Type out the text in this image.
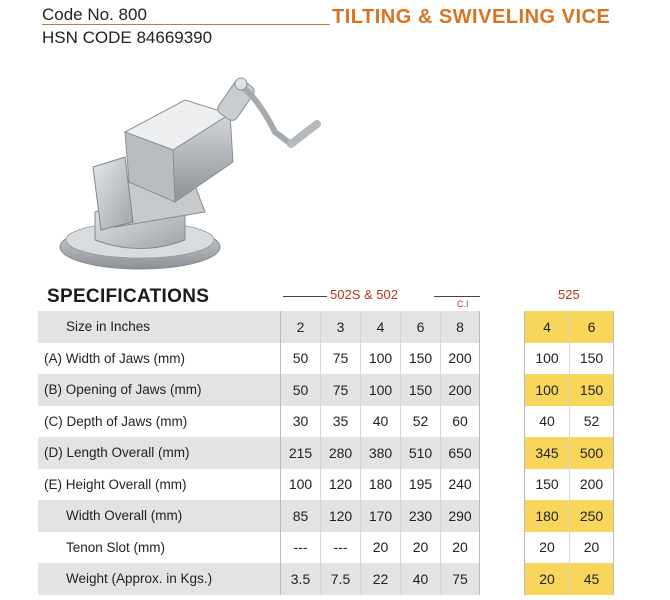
Code No. 800
HSN CODE 84669390
TILTING & SWIVELING VICE
SPECIFICATIONS	502S & 502
C.I
525
Size in Inches	2	3	4	6	8		4	6
(A) Width of Jaws (mm)	50	75	100	150	200		100	150
(B) Opening of Jaws (mm)	50	75	100	150	200		100	150
(C) Depth of Jaws (mm)	30	35	40	52	60		40	52
(D) Length Overall (mm)	215	280	380	510	650		345	500
(E) Height Overall (mm)	100	120	180	195	240		150	200
Width Overall (mm)	85	120	170	230	290		180	250
Tenon Slot (mm)	---	---	20	20	20		20	20
Weight (Approx. in Kgs.)	3.5	7.5	22	40	75		20	45
